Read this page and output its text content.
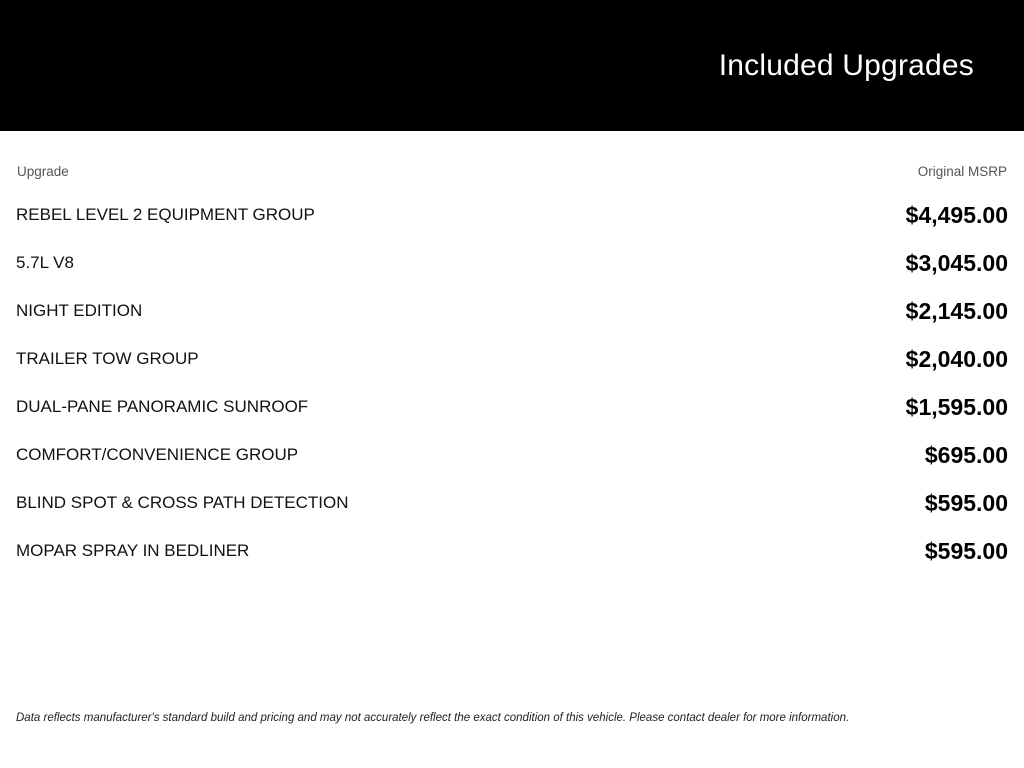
Included Upgrades
Upgrade	Original MSRP
REBEL LEVEL 2 EQUIPMENT GROUP	$4,495.00
5.7L V8	$3,045.00
NIGHT EDITION	$2,145.00
TRAILER TOW GROUP	$2,040.00
DUAL-PANE PANORAMIC SUNROOF	$1,595.00
COMFORT/CONVENIENCE GROUP	$695.00
BLIND SPOT & CROSS PATH DETECTION	$595.00
MOPAR SPRAY IN BEDLINER	$595.00
Data reflects manufacturer's standard build and pricing and may not accurately reflect the exact condition of this vehicle. Please contact dealer for more information.
